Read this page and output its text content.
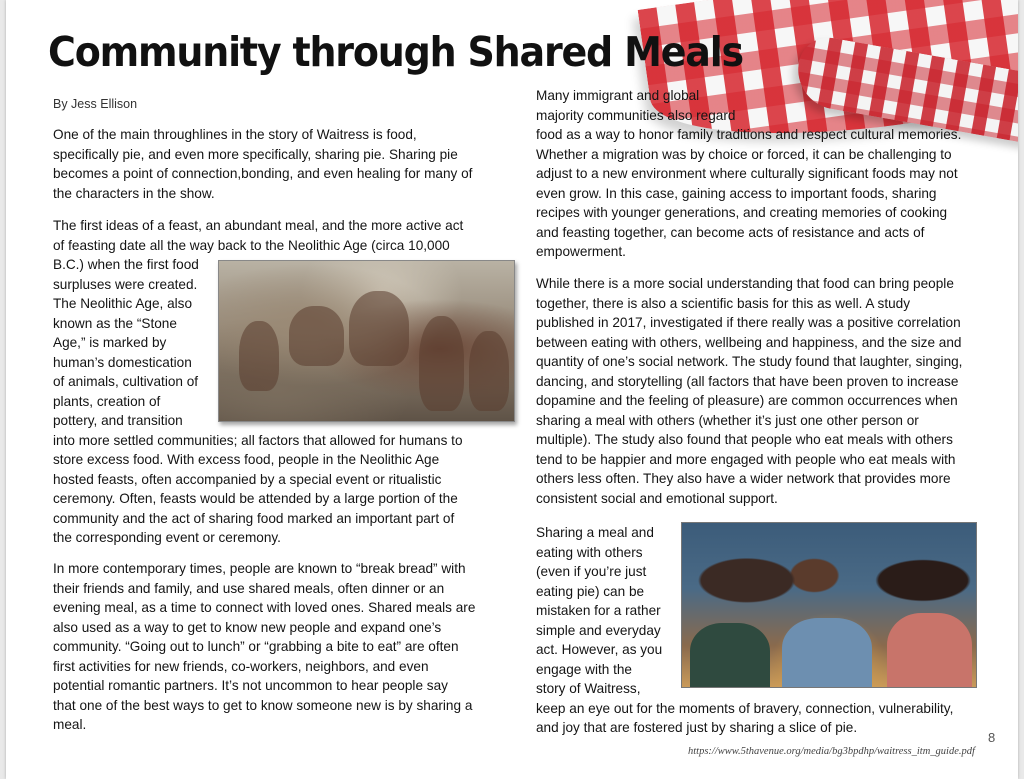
Community through Shared Meals
By Jess Ellison
One of the main throughlines in the story of Waitress is food,
specifically pie, and even more specifically, sharing pie. Sharing pie
becomes a point of connection,bonding, and even healing for many of
the characters in the show.
The first ideas of a feast, an abundant meal, and the more active act
of feasting date all the way back to the Neolithic Age (circa 10,000
B.C.) when the first food
surpluses were created.
The Neolithic Age, also
known as the “Stone
Age,” is marked by
human’s domestication
of animals, cultivation of
plants, creation of
pottery, and transition
into more settled communities; all factors that allowed for humans to
store excess food. With excess food, people in the Neolithic Age
hosted feasts, often accompanied by a special event or ritualistic
ceremony. Often, feasts would be attended by a large portion of the
community and the act of sharing food marked an important part of
the corresponding event or ceremony.
In more contemporary times, people are known to “break bread” with
their friends and family, and use shared meals, often dinner or an
evening meal, as a time to connect with loved ones. Shared meals are
also used as a way to get to know new people and expand one’s
community. “Going out to lunch” or “grabbing a bite to eat” are often
first activities for new friends, co-workers, neighbors, and even
potential romantic partners. It’s not uncommon to hear people say
that one of the best ways to get to know someone new is by sharing a
meal.
Many immigrant and global
majority communities also regard
food as a way to honor family traditions and respect cultural memories.
Whether a migration was by choice or forced, it can be challenging to
adjust to a new environment where culturally significant foods may not
even grow. In this case, gaining access to important foods, sharing
recipes with younger generations, and creating memories of cooking
and feasting together, can become acts of resistance and acts of
empowerment.
While there is a more social understanding that food can bring people
together, there is also a scientific basis for this as well. A study
published in 2017, investigated if there really was a positive correlation
between eating with others, wellbeing and happiness, and the size and
quantity of one’s social network. The study found that laughter, singing,
dancing, and storytelling (all factors that have been proven to increase
dopamine and the feeling of pleasure) are common occurrences when
sharing a meal with others (whether it’s just one other person or
multiple). The study also found that people who eat meals with others
tend to be happier and more engaged with people who eat meals with
others less often. They also have a wider network that provides more
consistent social and emotional support.
Sharing a meal and
eating with others
(even if you’re just
eating pie) can be
mistaken for a rather
simple and everyday
act. However, as you
engage with the
story of Waitress,
keep an eye out for the moments of bravery, connection, vulnerability,
and joy that are fostered just by sharing a slice of pie.
8
https://www.5thavenue.org/media/bg3bpdhp/waitress_itm_guide.pdf
